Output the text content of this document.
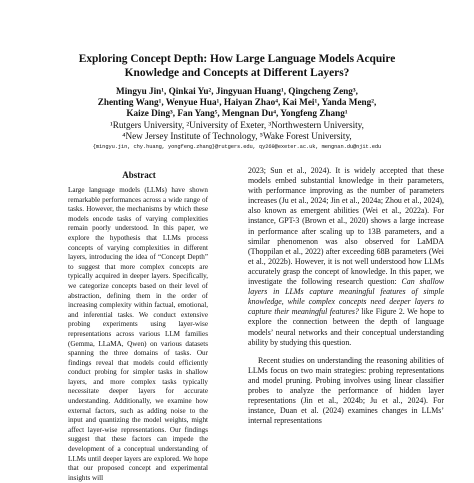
Exploring Concept Depth: How Large Language Models Acquire
Knowledge and Concepts at Different Layers?
Mingyu Jin¹, Qinkai Yu², Jingyuan Huang¹, Qingcheng Zeng³,
Zhenting Wang¹, Wenyue Hua¹, Haiyan Zhao⁴, Kai Mei¹, Yanda Meng²,
Kaize Ding³, Fan Yang⁵, Mengnan Du⁴, Yongfeng Zhang¹
¹Rutgers University, ²University of Exeter, ³Northwestern University,
⁴New Jersey Institute of Technology, ⁵Wake Forest University,
{mingyu.jin, chy.huang, yongfeng.zhang}@rutgers.edu, qy269@exeter.ac.uk, mengnan.du@njit.edu
Abstract
Large language models (LLMs) have shown remarkable performances across a wide range of tasks. However, the mechanisms by which these models encode tasks of varying complexities remain poorly understood. In this paper, we explore the hypothesis that LLMs process concepts of varying complexities in different layers, introducing the idea of “Concept Depth” to suggest that more complex concepts are typically acquired in deeper layers. Specifically, we categorize concepts based on their level of abstraction, defining them in the order of increasing complexity within factual, emotional, and inferential tasks. We conduct extensive probing experiments using layer-wise representations across various LLM families (Gemma, LLaMA, Qwen) on various datasets spanning the three domains of tasks. Our findings reveal that models could efficiently conduct probing for simpler tasks in shallow layers, and more complex tasks typically necessitate deeper layers for accurate understanding. Additionally, we examine how external factors, such as adding noise to the input and quantizing the model weights, might affect layer-wise representations. Our findings suggest that these factors can impede the development of a conceptual understanding of LLMs until deeper layers are explored. We hope that our proposed concept and experimental insights will

2023; Sun et al., 2024). It is widely accepted that these models embed substantial knowledge in their parameters, with performance improving as the number of parameters increases (Ju et al., 2024; Jin et al., 2024a; Zhou et al., 2024), also known as emergent abilities (Wei et al., 2022a). For instance, GPT-3 (Brown et al., 2020) shows a large increase in performance after scaling up to 13B parameters, and a similar phenomenon was also observed for LaMDA (Thoppilan et al., 2022) after exceeding 68B parameters (Wei et al., 2022b). However, it is not well understood how LLMs accurately grasp the concept of knowledge. In this paper, we investigate the following research question: Can shallow layers in LLMs capture meaningful features of simple knowledge, while complex concepts need deeper layers to capture their meaningful features? like Figure 2. We hope to explore the connection between the depth of language models’ neural networks and their conceptual understanding ability by studying this question.

Recent studies on understanding the reasoning abilities of LLMs focus on two main strategies: probing representations and model pruning. Probing involves using linear classifier probes to analyze the performance of hidden layer representations (Jin et al., 2024b; Ju et al., 2024). For instance, Duan et al. (2024) examines changes in LLMs’ internal representations
